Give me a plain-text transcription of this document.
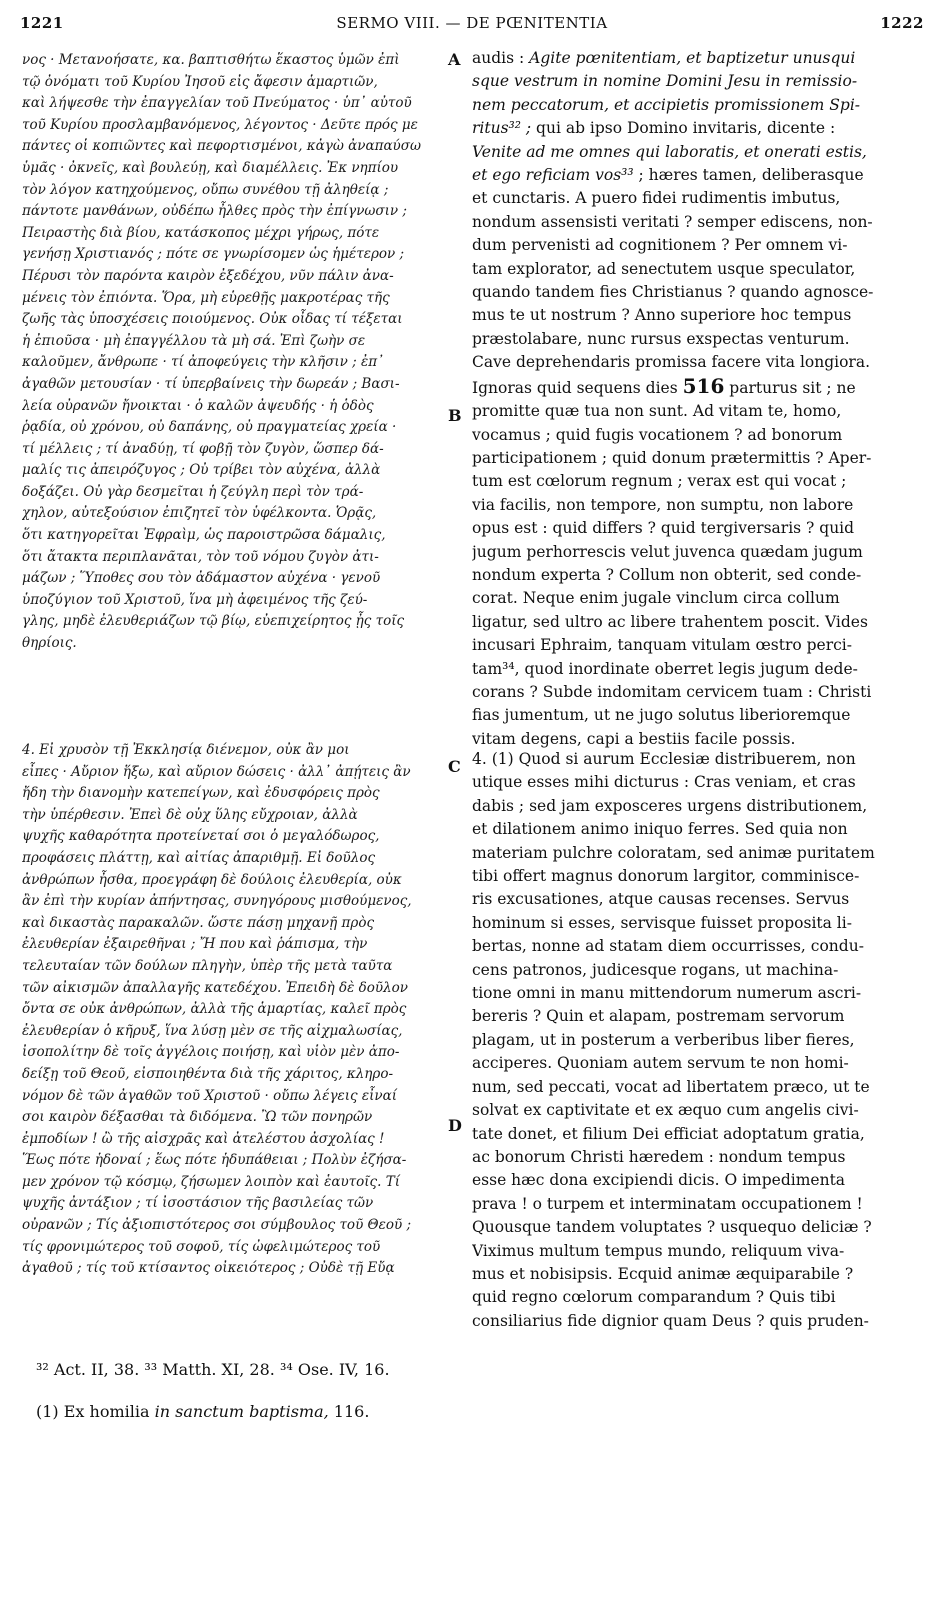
1221	SERMO VIII. — DE PŒNITENTIA	1222
νος · Μετανοήσατε, κα. βαπτισθήτω ἕκαστος ὑμῶν ἐπὶ
τῷ ὀνόματι τοῦ Κυρίου Ἰησοῦ εἰς ἄφεσιν ἁμαρτιῶν,
καὶ λήψεσθε τὴν ἐπαγγελίαν τοῦ Πνεύματος · ὑπ᾽ αὐτοῦ
τοῦ Κυρίου προσλαμβανόμενος, λέγοντος · Δεῦτε πρός με
πάντες οἱ κοπιῶντες καὶ πεφορτισμένοι, κἀγὼ ἀναπαύσω
ὑμᾶς · ὀκνεῖς, καὶ βουλεύῃ, καὶ διαμέλλεις. Ἐκ νηπίου
τὸν λόγον κατηχούμενος, οὔπω συνέθου τῇ ἀληθείᾳ ;
πάντοτε μανθάνων, οὐδέπω ἦλθες πρὸς τὴν ἐπίγνωσιν ;
Πειραστὴς διὰ βίου, κατάσκοπος μέχρι γήρως, πότε
γενήσῃ Χριστιανός ; πότε σε γνωρίσομεν ὡς ἡμέτερον ;
Πέρυσι τὸν παρόντα καιρὸν ἐξεδέχου, νῦν πάλιν ἀνα-
μένεις τὸν ἐπιόντα. Ὅρα, μὴ εὑρεθῇς μακροτέρας τῆς
ζωῆς τὰς ὑποσχέσεις ποιούμενος. Οὐκ οἶδας τί τέξεται
ἡ ἐπιοῦσα · μὴ ἐπαγγέλλου τὰ μὴ σά. Ἐπὶ ζωὴν σε
καλοῦμεν, ἄνθρωπε · τί ἀποφεύγεις τὴν κλῆσιν ; ἐπ᾽
ἀγαθῶν μετουσίαν · τί ὑπερβαίνεις τὴν δωρεάν ; Βασι-
λεία οὐρανῶν ἤνοικται · ὁ καλῶν ἀψευδής · ἡ ὁδὸς
ῥᾳδία, οὐ χρόνου, οὐ δαπάνης, οὐ πραγματείας χρεία ·
τί μέλλεις ; τί ἀναδύῃ, τί φοβῇ τὸν ζυγὸν, ὥσπερ δά-
μαλίς τις ἀπειρόζυγος ; Οὐ τρίβει τὸν αὐχένα, ἀλλὰ
δοξάζει. Οὐ γὰρ δεσμεῖται ἡ ζεύγλη περὶ τὸν τρά-
χηλον, αὐτεξούσιον ἐπιζητεῖ τὸν ὑφέλκοντα. Ὁρᾷς,
ὅτι κατηγορεῖται Ἐφραὶμ, ὡς παροιστρῶσα δάμαλις,
ὅτι ἄτακτα περιπλανᾶται, τὸν τοῦ νόμου ζυγὸν ἀτι-
μάζων ; Ὕποθες σου τὸν ἀδάμαστον αὐχένα · γενοῦ
ὑποζύγιον τοῦ Χριστοῦ, ἵνα μὴ ἀφειμένος τῆς ζεύ-
γλης, μηδὲ ἐλευθεριάζων τῷ βίῳ, εὐεπιχείρητος ᾖς τοῖς
θηρίοις.
4. Εἰ χρυσὸν τῇ Ἐκκλησίᾳ διένεμον, οὐκ ἂν μοι
εἶπες · Αὔριον ἥξω, καὶ αὔριον δώσεις · ἀλλ᾽ ἀπῄτεις ἂν
ἤδη τὴν διανομὴν κατεπείγων, καὶ ἐδυσφόρεις πρὸς
τὴν ὑπέρθεσιν. Ἐπεὶ δὲ οὐχ ὕλης εὔχροιαν, ἀλλὰ
ψυχῆς καθαρότητα προτείνεταί σοι ὁ μεγαλόδωρος,
προφάσεις πλάττῃ, καὶ αἰτίας ἀπαριθμῇ. Εἰ δοῦλος
ἀνθρώπων ἦσθα, προεγράφη δὲ δούλοις ἐλευθερία, οὐκ
ἂν ἐπὶ τὴν κυρίαν ἀπήντησας, συνηγόρους μισθούμενος,
καὶ δικαστὰς παρακαλῶν. ὥστε πάσῃ μηχανῇ πρὸς
ἐλευθερίαν ἐξαιρεθῆναι ; Ἤ που καὶ ῥάπισμα, τὴν
τελευταίαν τῶν δούλων πληγὴν, ὑπὲρ τῆς μετὰ ταῦτα
τῶν αἰκισμῶν ἀπαλλαγῆς κατεδέχου. Ἐπειδὴ δὲ δοῦλον
ὄντα σε οὐκ ἀνθρώπων, ἀλλὰ τῆς ἁμαρτίας, καλεῖ πρὸς
ἐλευθερίαν ὁ κῆρυξ, ἵνα λύσῃ μὲν σε τῆς αἰχμαλωσίας,
ἰσοπολίτην δὲ τοῖς ἀγγέλοις ποιήσῃ, καὶ υἱὸν μὲν ἀπο-
δείξῃ τοῦ Θεοῦ, εἰσποιηθέντα διὰ τῆς χάριτος, κληρο-
νόμον δὲ τῶν ἀγαθῶν τοῦ Χριστοῦ · οὔπω λέγεις εἶναί
σοι καιρὸν δέξασθαι τὰ διδόμενα. Ὢ τῶν πονηρῶν
ἐμποδίων ! ὢ τῆς αἰσχρᾶς καὶ ἀτελέστου ἀσχολίας !
Ἕως πότε ἡδοναί ; ἕως πότε ἡδυπάθειαι ; Πολὺν ἐζήσα-
μεν χρόνον τῷ κόσμῳ, ζήσωμεν λοιπὸν καὶ ἑαυτοῖς. Τί
ψυχῆς ἀντάξιον ; τί ἰσοστάσιον τῆς βασιλείας τῶν
οὐρανῶν ; Τίς ἀξιοπιστότερος σοι σύμβουλος τοῦ Θεοῦ ;
τίς φρονιμώτερος τοῦ σοφοῦ, τίς ὠφελιμώτερος τοῦ
ἀγαθοῦ ; τίς τοῦ κτίσαντος οἰκειότερος ; Οὐδὲ τῇ Εὔᾳ
audis : Agite pœnitentiam, et baptizetur unusqui
sque vestrum in nomine Domini Jesu in remissio-
nem peccatorum, et accipietis promissionem Spi-
ritus³² ; qui ab ipso Domino invitaris, dicente :
Venite ad me omnes qui laboratis, et onerati estis,
et ego reficiam vos³³ ; hæres tamen, deliberasque
et cunctaris. A puero fidei rudimentis imbutus,
nondum assensisti veritati ? semper ediscens, non-
dum pervenisti ad cognitionem ? Per omnem vi-
tam explorator, ad senectutem usque speculator,
quando tandem fies Christianus ? quando agnosce-
mus te ut nostrum ? Anno superiore hoc tempus
præstolabare, nunc rursus exspectas venturum.
Cave deprehendaris promissa facere vita longiora.
Ignoras quid sequens dies 516 parturus sit ; ne
promitte quæ tua non sunt. Ad vitam te, homo,
vocamus ; quid fugis vocationem ? ad bonorum
participationem ; quid donum prætermittis ? Aper-
tum est cœlorum regnum ; verax est qui vocat ;
via facilis, non tempore, non sumptu, non labore
opus est : quid differs ? quid tergiversaris ? quid
jugum perhorrescis velut juvenca quædam jugum
nondum experta ? Collum non obterit, sed conde-
corat. Neque enim jugale vinclum circa collum
ligatur, sed ultro ac libere trahentem poscit. Vides
incusari Ephraim, tanquam vitulam œstro perci-
tam³⁴, quod inordinate oberret legis jugum dede-
corans ? Subde indomitam cervicem tuam : Christi
fias jumentum, ut ne jugo solutus liberioremque
vitam degens, capi a bestiis facile possis.
4. (1) Quod si aurum Ecclesiæ distribuerem, non
utique esses mihi dicturus : Cras veniam, et cras
dabis ; sed jam exposceres urgens distributionem,
et dilationem animo iniquo ferres. Sed quia non
materiam pulchre coloratam, sed animæ puritatem
tibi offert magnus donorum largitor, comminisce-
ris excusationes, atque causas recenses. Servus
hominum si esses, servisque fuisset proposita li-
bertas, nonne ad statam diem occurrisses, condu-
cens patronos, judicesque rogans, ut machina-
tione omni in manu mittendorum numerum ascri-
bereris ? Quin et alapam, postremam servorum
plagam, ut in posterum a verberibus liber fieres,
acciperes. Quoniam autem servum te non homi-
num, sed peccati, vocat ad libertatem præco, ut te
solvat ex captivitate et ex æquo cum angelis civi-
tate donet, et filium Dei efficiat adoptatum gratia,
ac bonorum Christi hæredem : nondum tempus
esse hæc dona excipiendi dicis. O impedimenta
prava ! o turpem et interminatam occupationem !
Quousque tandem voluptates ? usquequo deliciæ ?
Viximus multum tempus mundo, reliquum viva-
mus et nobisipsis. Ecquid animæ æquiparabile ?
quid regno cœlorum comparandum ? Quis tibi
consiliarius fide dignior quam Deus ? quis pruden-
A
B
C
D
³² Act. II, 38. ³³ Matth. XI, 28. ³⁴ Ose. IV, 16.
(1) Ex homilia in sanctum baptisma, 116.
